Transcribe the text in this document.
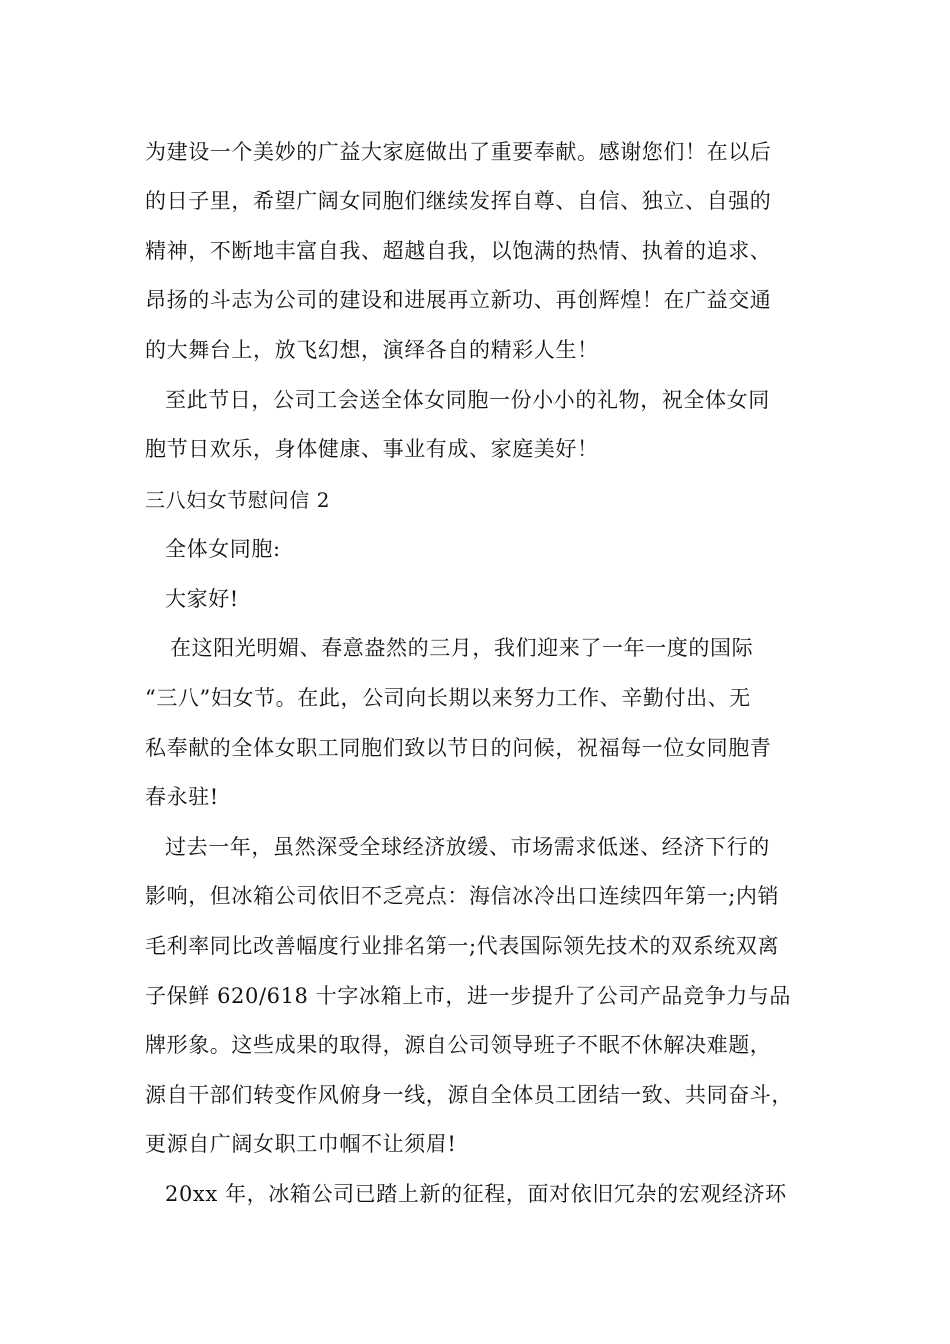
为建设一个美妙的广益大家庭做出了重要奉献。感谢您们！在以后
的日子里，希望广阔女同胞们继续发挥自尊、自信、独立、自强的
精神，不断地丰富自我、超越自我，以饱满的热情、执着的追求、
昂扬的斗志为公司的建设和进展再立新功、再创辉煌！在广益交通
的大舞台上，放飞幻想，演绎各自的精彩人生！
至此节日，公司工会送全体女同胞一份小小的礼物，祝全体女同
胞节日欢乐，身体健康、事业有成、家庭美好！
三八妇女节慰问信 2
全体女同胞:
大家好!
在这阳光明媚、春意盎然的三月，我们迎来了一年一度的国际
“三八”妇女节。在此，公司向长期以来努力工作、辛勤付出、无
私奉献的全体女职工同胞们致以节日的问候，祝福每一位女同胞青
春永驻!
过去一年，虽然深受全球经济放缓、市场需求低迷、经济下行的
影响，但冰箱公司依旧不乏亮点：海信冰冷出口连续四年第一;内销
毛利率同比改善幅度行业排名第一;代表国际领先技术的双系统双离
子保鲜 620/618 十字冰箱上市，进一步提升了公司产品竞争力与品
牌形象。这些成果的取得，源自公司领导班子不眠不休解决难题，
源自干部们转变作风俯身一线，源自全体员工团结一致、共同奋斗，
更源自广阔女职工巾帼不让须眉!
20xx 年，冰箱公司已踏上新的征程，面对依旧冗杂的宏观经济环
